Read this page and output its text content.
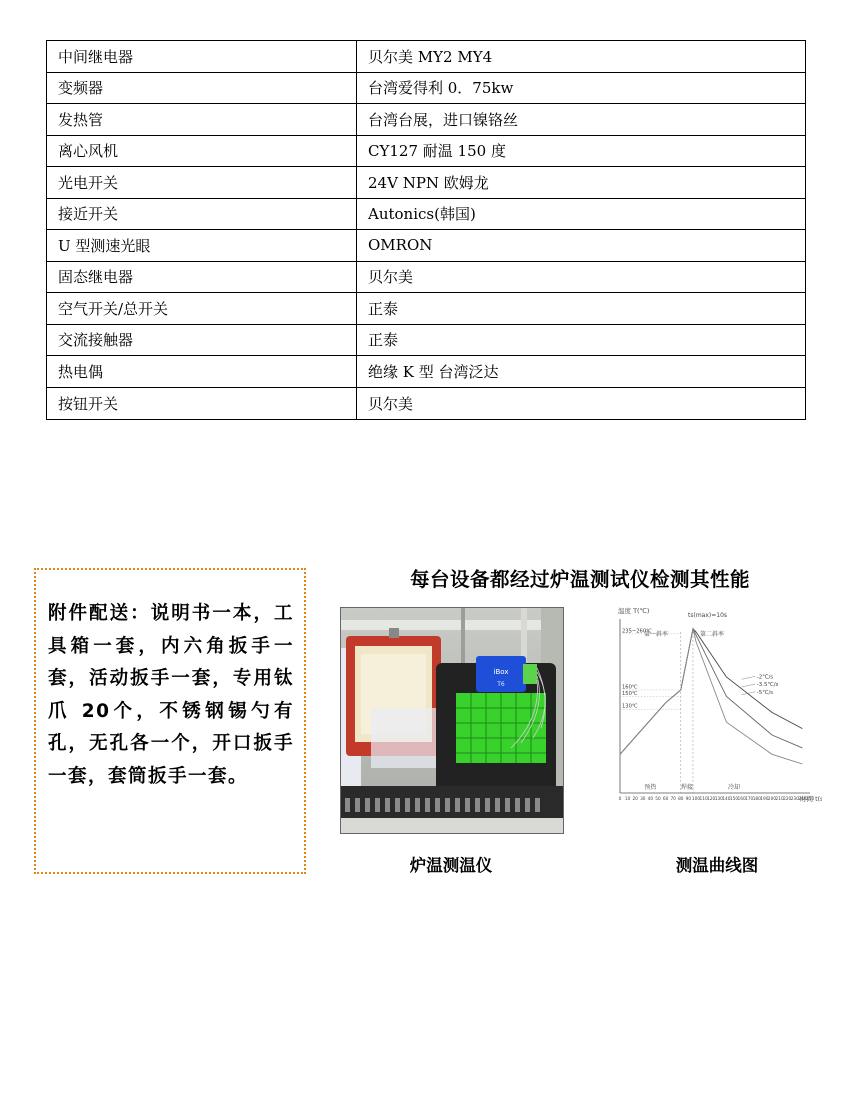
中间继电器	贝尔美 MY2 MY4
变频器	台湾爱得利 0．75kw
发热管	台湾台展，进口镍铬丝
离心风机	CY127 耐温 150 度
光电开关	24V NPN 欧姆龙
接近开关	Autonics(韩国)
U 型测速光眼	OMRON
固态继电器	贝尔美
空气开关/总开关	正泰
交流接触器	正泰
热电偶	绝缘 K 型 台湾泛达
按钮开关	贝尔美
附件配送：说明书一本，工具箱一套，内六角扳手一套，活动扳手一套，专用钛爪 20个，不锈钢锡勺有孔，无孔各一个，开口扳手一套，套筒扳手一套。
每台设备都经过炉温测试仪检测其性能
iBox
T6
温度 T(℃)
时间 t(
ts(max)=10s
第一斜率	第二斜率
235~260℃
160℃
150℃
130℃
0 10 20 30 40 50 60 70 80 90 100 110 120 130 140 150 160 170 180 190 200 210 220 230 240 250
预热	焊接	冷却
-2℃/s
-3.5℃/s
-5℃/s
炉温测温仪	测温曲线图
